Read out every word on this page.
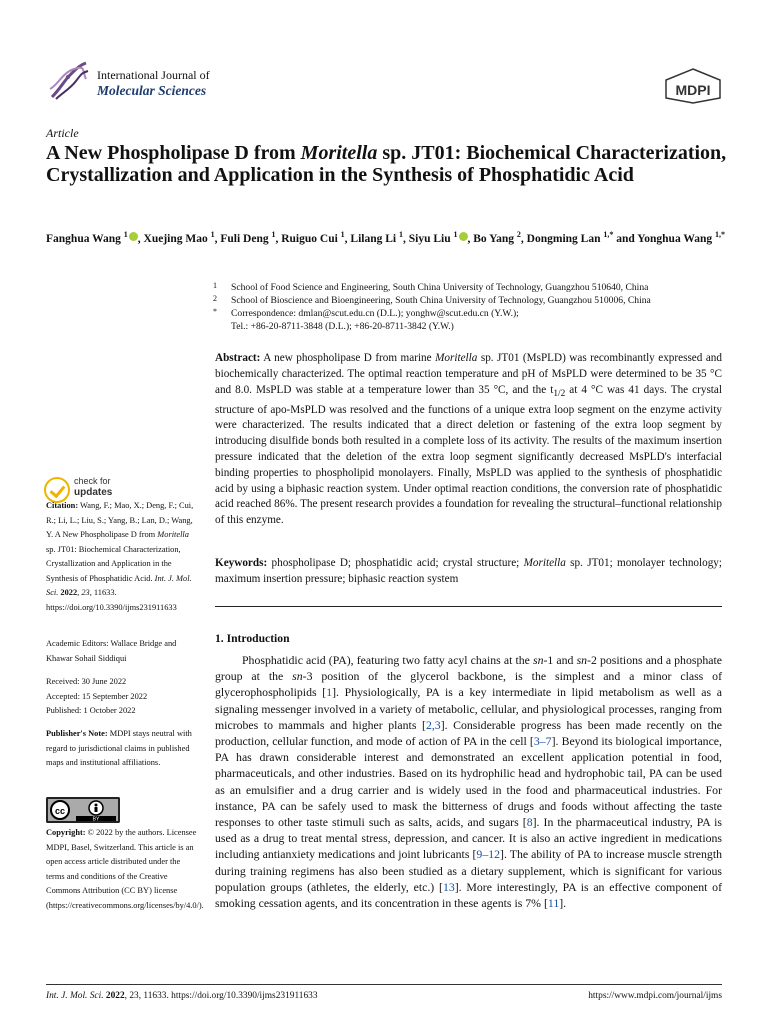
International Journal of
Molecular Sciences	MDPI
Article
A New Phospholipase D from Moritella sp. JT01: Biochemical Characterization, Crystallization and Application in the Synthesis of Phosphatidic Acid
Fanghua Wang $^1$ , Xuejing Mao $^1$, Fuli Deng $^1$, Ruiguo Cui $^1$, Lilang Li $^1$, Siyu Liu $^1$ , Bo Yang $^2$, Dongming Lan $^{1,*}$ and Yonghua Wang $^{1,*}$
1 School of Food Science and Engineering, South China University of Technology, Guangzhou 510640, China
2 School of Bioscience and Bioengineering, South China University of Technology, Guangzhou 510006, China
* Correspondence: dmlan@scut.edu.cn (D.L.); yonghw@scut.edu.cn (Y.W.);
Tel.: +86-20-8711-3848 (D.L.); +86-20-8711-3842 (Y.W.)
check for
updates
Citation: Wang, F.; Mao, X.; Deng, F.; Cui, R.; Li, L.; Liu, S.; Yang, B.; Lan, D.; Wang, Y. A New Phospholipase D from Moritella sp. JT01: Biochemical Characterization, Crystallization and Application in the Synthesis of Phosphatidic Acid. Int. J. Mol. Sci. 2022, 23, 11633. https://doi.org/10.3390/ijms231911633
Academic Editors: Wallace Bridge and Khawar Sohail Siddiqui
Received: 30 June 2022
Accepted: 15 September 2022
Published: 1 October 2022
Publisher's Note: MDPI stays neutral with regard to jurisdictional claims in published maps and institutional affiliations.
cc
BY
Copyright: © 2022 by the authors. Licensee MDPI, Basel, Switzerland. This article is an open access article distributed under the terms and conditions of the Creative Commons Attribution (CC BY) license (https://creativecommons.org/licenses/by/4.0/).
Abstract: A new phospholipase D from marine Moritella sp. JT01 (MsPLD) was recombinantly expressed and biochemically characterized. The optimal reaction temperature and pH of MsPLD were determined to be 35 °C and 8.0. MsPLD was stable at a temperature lower than 35 °C, and the $t_{1/2}$ at 4 °C was 41 days. The crystal structure of apo-MsPLD was resolved and the functions of a unique extra loop segment on the enzyme activity were characterized. The results indicated that a direct deletion or fastening of the extra loop segment by introducing disulfide bonds both resulted in a complete loss of its activity. The results of the maximum insertion pressure indicated that the deletion of the extra loop segment significantly decreased MsPLD's interfacial binding properties to phospholipid monolayers. Finally, MsPLD was applied to the synthesis of phosphatidic acid by using a biphasic reaction system. Under optimal reaction conditions, the conversion rate of phosphatidic acid reached 86%. The present research provides a foundation for revealing the structural–functional relationship of this enzyme.
Keywords: phospholipase D; phosphatidic acid; crystal structure; Moritella sp. JT01; monolayer technology; maximum insertion pressure; biphasic reaction system
1. Introduction
Phosphatidic acid (PA), featuring two fatty acyl chains at the sn-1 and sn-2 positions and a phosphate group at the sn-3 position of the glycerol backbone, is the simplest and a minor class of glycerophospholipids [1]. Physiologically, PA is a key intermediate in lipid metabolism as well as a signaling messenger involved in a variety of metabolic, cellular, and physiological processes, ranging from microbes to mammals and higher plants [2,3]. Considerable progress has been made recently on the production, cellular function, and mode of action of PA in the cell [3–7]. Beyond its biological importance, PA has drawn considerable interest and demonstrated an excellent application potential in food, pharmaceuticals, and other industries. Based on its hydrophilic head and hydrophobic tail, PA can be used as an emulsifier and a drug carrier and is widely used in the food and pharmaceutical industries. For instance, PA can be safely used to mask the bitterness of drugs and foods without affecting the taste responses to other taste stimuli such as salts, acids, and sugars [8]. In the pharmaceutical industry, PA is used as a drug to treat mental stress, depression, and cancer. It is also an active ingredient in medications including antianxiety medications and joint lubricants [9–12]. The ability of PA to increase muscle strength during training regimens has also been studied as a dietary supplement, which is significant for various population groups (athletes, the elderly, etc.) [13]. More interestingly, PA is an effective component of smoking cessation agents, and its concentration in these agents is 7% [11].
Int. J. Mol. Sci. 2022, 23, 11633. https://doi.org/10.3390/ijms231911633	https://www.mdpi.com/journal/ijms
